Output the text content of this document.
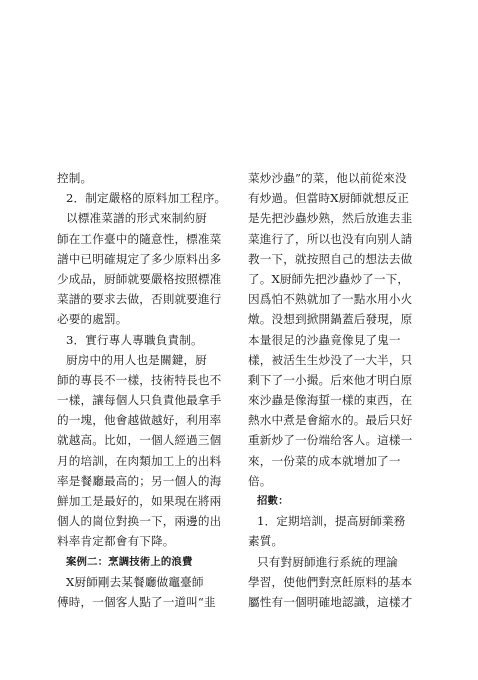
控制。
2．制定嚴格的原料加工程序。
以標准菜譜的形式來制約厨
師在工作臺中的隨意性，標准菜
譜中已明確規定了多少原料出多
少成品，厨師就要嚴格按照標准
菜譜的要求去做，否則就要進行
必要的處罰。
3．實行專人專職負責制。
厨房中的用人也是關鍵，厨
師的專長不一樣，技術特長也不
一樣，讓每個人只負責他最拿手
的一塊，他會越做越好，利用率
就越高。比如，一個人經過三個
月的培訓，在肉類加工上的出料
率是餐廳最高的；另一個人的海
鮮加工是最好的，如果現在將兩
個人的崗位對换一下，兩邊的出
料率肯定都會有下降。
案例二：烹調技術上的浪費
X厨師剛去某餐廳做竈臺師
傅時，一個客人點了一道叫“韭
菜炒沙蟲”的菜，他以前從來没
有炒過。但當時X厨師就想反正
是先把沙蟲炒熟，然后放進去韭
菜進行了，所以也没有向别人請
教一下，就按照自己的想法去做
了。X厨師先把沙蟲炒了一下，
因爲怕不熟就加了一點水用小火
燉。没想到掀開鍋蓋后發現，原
本量很足的沙蟲竟像見了鬼一
樣，被活生生炒没了一大半，只
剩下了一小撮。后來他才明白原
來沙蟲是像海蜇一樣的東西，在
熱水中煮是會縮水的。最后只好
重新炒了一份端给客人。這樣一
來，一份菜的成本就增加了一
倍。
招數：
1．定期培訓，提高厨師業務
素質。
只有對厨師進行系統的理論
學習，使他們對烹飪原料的基本
屬性有一個明確地認識，這樣才
